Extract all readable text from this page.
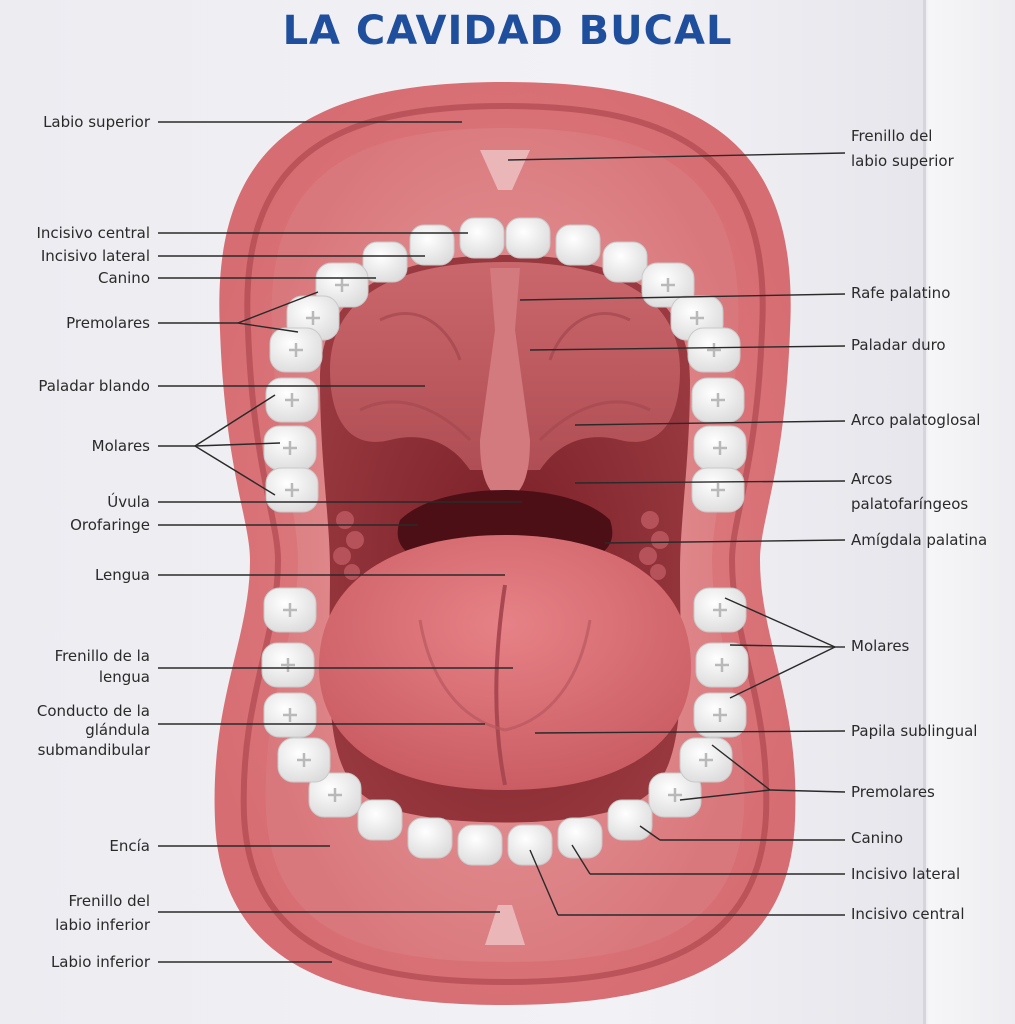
LA CAVIDAD BUCAL
Labio superior
Incisivo central
Incisivo lateral
Canino
Premolares
Paladar blando
Molares
Úvula
Orofaringe
Lengua
Frenillo de la
lengua
Conducto de la
glándula
submandibular
Encía
Frenillo del
labio inferior
Labio inferior
Frenillo del
labio superior
Rafe palatino
Paladar duro
Arco palatoglosal
Arcos
palatofaríngeos
Amígdala palatina
Molares
Papila sublingual
Premolares
Canino
Incisivo lateral
Incisivo central
